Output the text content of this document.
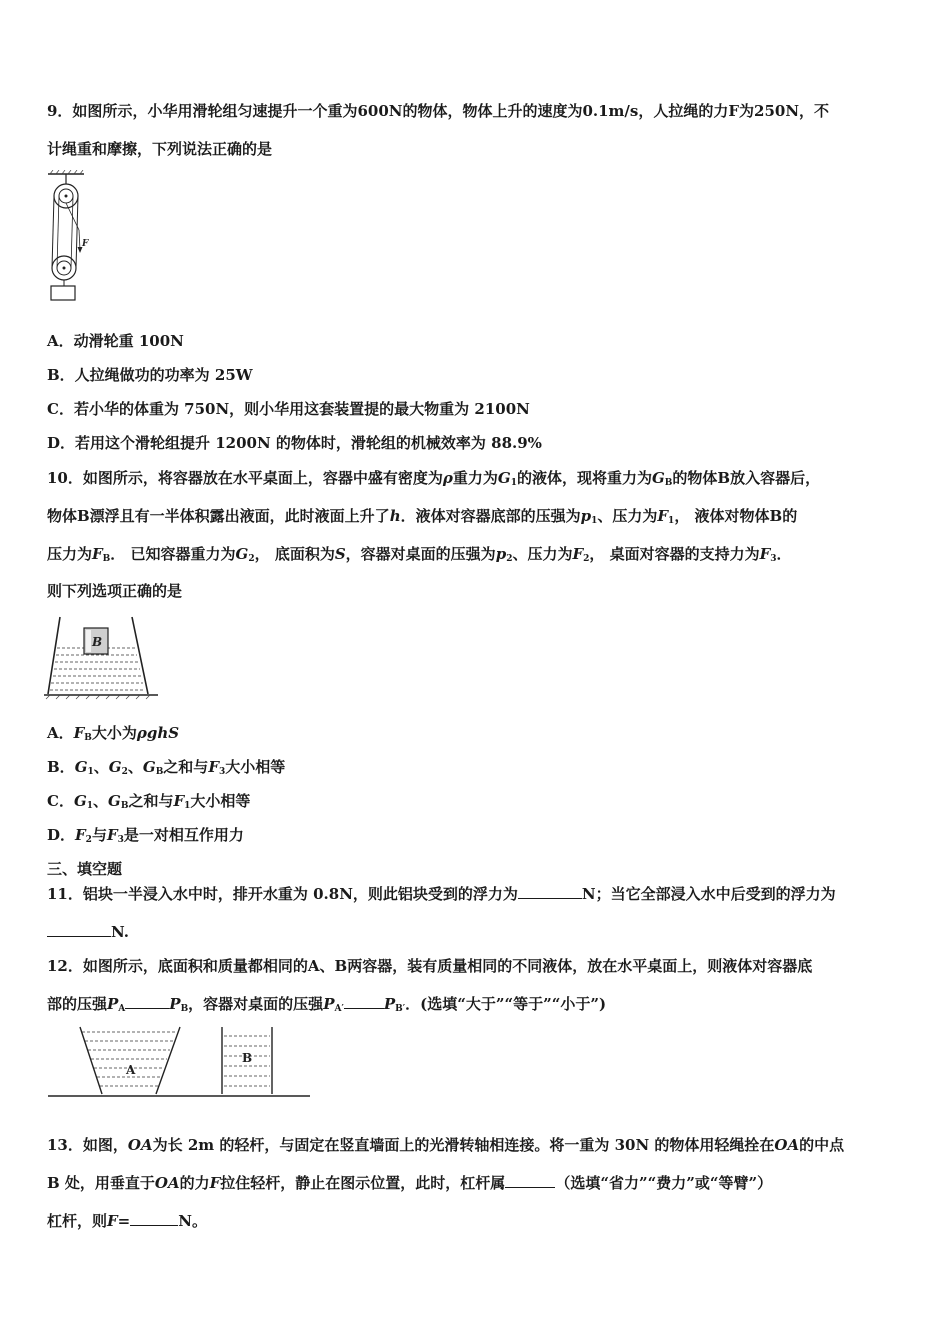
9．如图所示，小华用滑轮组匀速提升一个重为600N的物体，物体上升的速度为0.1m/s，人拉绳的力F为250N，不
计绳重和摩擦，下列说法正确的是
F
A．动滑轮重 100N
B．人拉绳做功的功率为 25W
C．若小华的体重为 750N，则小华用这套装置提的最大物重为 2100N
D．若用这个滑轮组提升 1200N 的物体时，滑轮组的机械效率为 88.9%
10．如图所示，将容器放在水平桌面上，容器中盛有密度为ρ重力为$G_1$的液体，现将重力为$G_B$的物体B放入容器后，
物体B漂浮且有一半体积露出液面，此时液面上升了h．液体对容器底部的压强为$p_1$、压力为$F_1$， 液体对物体B的
压力为$F_B$． 已知容器重力为$G_2$， 底面积为S，容器对桌面的压强为$p_2$、压力为$F_2$， 桌面对容器的支持力为$F_3$．
则下列选项正确的是
B
A．$F_B$大小为ρghS
B．$G_1$、$G_2$、$G_B$之和与$F_3$大小相等
C．$G_1$、$G_B$之和与$F_1$大小相等
D．$F_2$与$F_3$是一对相互作用力
三、填空题
11．铝块一半浸入水中时，排开水重为 0.8N，则此铝块受到的浮力为	N；当它全部浸入水中后受到的浮力为
N.
12．如图所示，底面积和质量都相同的A、B两容器，装有质量相同的不同液体，放在水平桌面上，则液体对容器底
部的压强$P_A$	$P_B$，容器对桌面的压强$P_{A'}$	$P_{B'}$．(选填“大于”“等于”“小于”)
A
B
13．如图，OA为长 2m 的轻杆，与固定在竖直墙面上的光滑转轴相连接。将一重为 30N 的物体用轻绳拴在OA的中点
B 处，用垂直于OA的力F拉住轻杆，静止在图示位置，此时，杠杆属	（选填“省力”“费力”或“等臂”）
杠杆，则F=	N。
